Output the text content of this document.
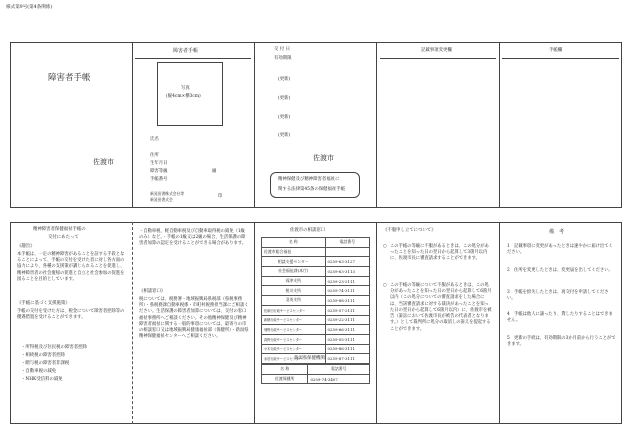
様式第9号(第4条関係)
障害者手帳
佐渡市
障害者手帳
写真
(縦4cm×横3cm)
氏名
住所
生年月日
障害等級	級
手帳番号
新発田書株式会社等
新発田書式会
印
交 付 日
有効期限
(更新)
(更新)
(更新)
(更新)
佐渡市
精神保健及び精神障害者福祉に
関する法律第45条の保健福祉手帳
記載事項変更欄	手帳欄
精神障害者保健福祉手帳の
交付にあたって
《趣旨》
本手帳は、一定の精神障害があることを証する手段となることによって、手帳の交付を受けた者に対し各方面の協力により、各種の支援策が講じられることを促進し、精神障害者の社会復帰の促進と自立と社会参加の促進を図ることを目的としています。
《手帳に基づく支援施策》
手帳の交付を受けた方は、税金について障害者控除等の優遇措置を受けることができます。
・所得税及び住民税の障害者控除
・相続税の障害者控除
・贈与税の障害者非課税
・自動車税の減免
・NHK受信料の減免
・自動車税、軽自動車税及び自動車取得税の減免（1級のみ）など。・手帳の1級又は2級の場合、生活保護の障害者加算の認定を受けることができる場合があります。
《相談窓口》
税については、税務署・地域振興局県税部（県税事務所）・県税務課自動車税係・市町村税務担当課にご相談ください。生活保護の障害者加算については、交付の窓口福祉事務所へご相談ください。その他精神保健及び精神障害者福祉に関する一般的事項については、最寄りの市の相談窓口又は地域振興局健康福祉部（保健所）・新潟県精神保健福祉センターへご相談ください。
佐渡市の相談窓口
名 称	電話番号
佐渡市総合福祉	
相談支援センター	0259-63-3127
社会福祉課(本庁)	0259-63-3113
両津支所	0259-23-2111
相川支所	0259-74-3111
羽茂支所	0259-88-3111
佐和田行政サービスセンター	0259-57-2111
新穂行政サービスセンター	0259-22-3111
畑野行政サービスセンター	0259-66-3111
真野行政サービスセンター	0259-55-3111
小木行政サービスセンター	0259-86-3111
赤泊行政サービスセンター	0259-87-3111
新潟県保健機関
名 称	電話番号
佐渡保健所	0259-74-3407
《不服申し立てについて》
○ この手帳の等級に不服があるときは、この処分があったことを知った日の翌日から起算して3箇月以内に、佐渡市長に審査請求することができます。
○ この手帳の等級について不服があるときは、この処分があったことを知った日の翌日から起算して6箇月以内（この処分についての審査請求をした場合には、当該審査請求に対する裁決があったことを知った日の翌日から起算して6箇月以内）に、佐渡市を被告（訴訟において佐渡市長が被告の代表者となります。）として裁判所に処分の取消しの訴えを提起することができます。
備　考
1　記載事項に変更があったときは速やかに届け出てください。
2　住所を変更したときは、変更届を出してください。
3　手帳を紛失したときは、再交付を申請してください。
4　手帳は他人に譲ったり、貸したりすることはできません。
5　更新の手続は、有効期限の3か月前から行うことができます。
